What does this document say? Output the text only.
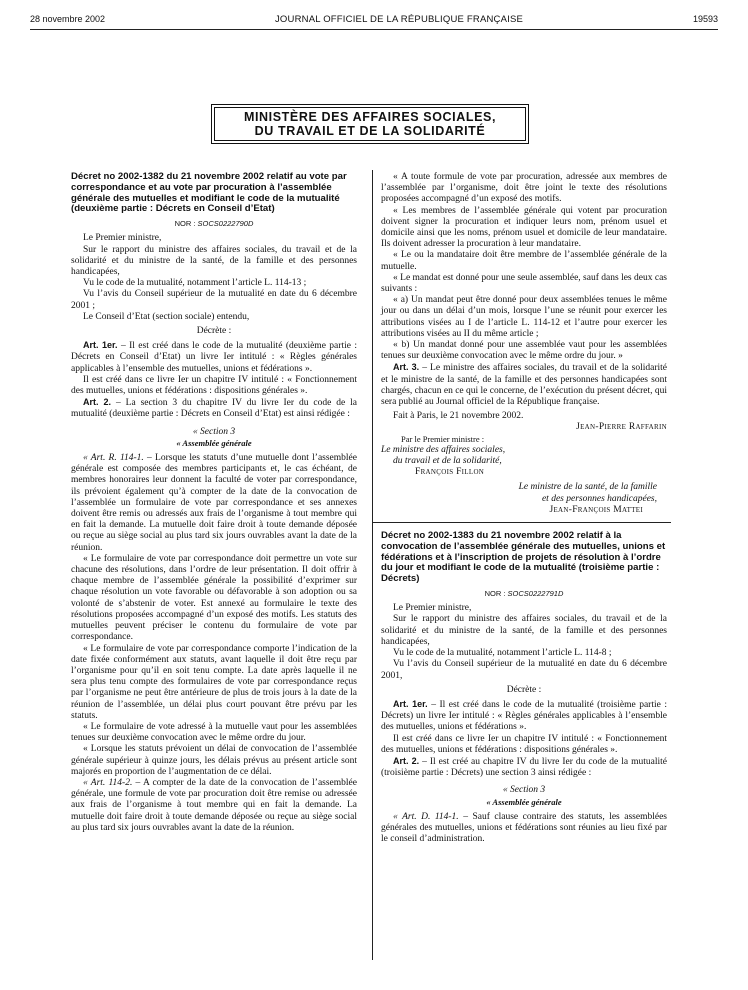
28 novembre 2002	JOURNAL OFFICIEL DE LA RÉPUBLIQUE FRANÇAISE	19593
MINISTÈRE DES AFFAIRES SOCIALES,
DU TRAVAIL ET DE LA SOLIDARITÉ
Décret no 2002-1382 du 21 novembre 2002 relatif au vote par correspondance et au vote par procuration à l’assemblée générale des mutuelles et modifiant le code de la mutualité (deuxième partie : Décrets en Conseil d’Etat)
NOR : SOCS0222790D

Le Premier ministre,

Sur le rapport du ministre des affaires sociales, du travail et de la solidarité et du ministre de la santé, de la famille et des personnes handicapées,

Vu le code de la mutualité, notamment l’article L. 114-13 ;

Vu l’avis du Conseil supérieur de la mutualité en date du 6 décembre 2001 ;

Le Conseil d’Etat (section sociale) entendu,

Décrète :

Art. 1er. – Il est créé dans le code de la mutualité (deuxième partie : Décrets en Conseil d’Etat) un livre Ier intitulé : « Règles générales applicables à l’ensemble des mutuelles, unions et fédérations ».

Il est créé dans ce livre Ier un chapitre IV intitulé : « Fonctionnement des mutuelles, unions et fédérations : dispositions générales ».

Art. 2. – La section 3 du chapitre IV du livre Ier du code de la mutualité (deuxième partie : Décrets en Conseil d’Etat) est ainsi rédigée :

« Section 3

« Assemblée générale

« Art. R. 114-1. – Lorsque les statuts d’une mutuelle dont l’assemblée générale est composée des membres participants et, le cas échéant, de membres honoraires leur donnent la faculté de voter par correspondance, ils prévoient également qu’à compter de la date de la convocation de l’assemblée un formulaire de vote par correspondance et ses annexes doivent être remis ou adressés aux frais de l’organisme à tout membre qui en fait la demande. La mutuelle doit faire droit à toute demande déposée ou reçue au siège social au plus tard six jours ouvrables avant la date de la réunion.

« Le formulaire de vote par correspondance doit permettre un vote sur chacune des résolutions, dans l’ordre de leur présentation. Il doit offrir à chaque membre de l’assemblée générale la possibilité d’exprimer sur chaque résolution un vote favorable ou défavorable à son adoption ou sa volonté de s’abstenir de voter. Est annexé au formulaire le texte des résolutions proposées accompagné d’un exposé des motifs. Les statuts des mutuelles peuvent préciser le contenu du formulaire de vote par correspondance.

« Le formulaire de vote par correspondance comporte l’indication de la date fixée conformément aux statuts, avant laquelle il doit être reçu par l’organisme pour qu’il en soit tenu compte. La date après laquelle il ne sera plus tenu compte des formulaires de vote par correspondance reçus par l’organisme ne peut être antérieure de plus de trois jours à la date de la réunion de l’assemblée, un délai plus court pouvant être prévu par les statuts.

« Le formulaire de vote adressé à la mutuelle vaut pour les assemblées tenues sur deuxième convocation avec le même ordre du jour.

« Lorsque les statuts prévoient un délai de convocation de l’assemblée générale supérieur à quinze jours, les délais prévus au présent article sont majorés en proportion de l’augmentation de ce délai.

« Art. 114-2. – A compter de la date de la convocation de l’assemblée générale, une formule de vote par procuration doit être remise ou adressée aux frais de l’organisme à tout membre qui en fait la demande. La mutuelle doit faire droit à toute demande déposée ou reçue au siège social au plus tard six jours ouvrables avant la date de la réunion.

« A toute formule de vote par procuration, adressée aux membres de l’assemblée par l’organisme, doit être joint le texte des résolutions proposées accompagné d’un exposé des motifs.

« Les membres de l’assemblée générale qui votent par procuration doivent signer la procuration et indiquer leurs nom, prénom usuel et domicile ainsi que les noms, prénom usuel et domicile de leur mandataire. Ils doivent adresser la procuration à leur mandataire.

« Le ou la mandataire doit être membre de l’assemblée générale de la mutuelle.

« Le mandat est donné pour une seule assemblée, sauf dans les deux cas suivants :

« a) Un mandat peut être donné pour deux assemblées tenues le même jour ou dans un délai d’un mois, lorsque l’une se réunit pour exercer les attributions visées au I de l’article L. 114-12 et l’autre pour exercer les attributions visées au II du même article ;

« b) Un mandat donné pour une assemblée vaut pour les assemblées tenues sur deuxième convocation avec le même ordre du jour. »

Art. 3. – Le ministre des affaires sociales, du travail et de la solidarité et le ministre de la santé, de la famille et des personnes handicapées sont chargés, chacun en ce qui le concerne, de l’exécution du présent décret, qui sera publié au Journal officiel de la République française.

Fait à Paris, le 21 novembre 2002.

Jean-Pierre Raffarin

Par le Premier ministre :

Le ministre des affaires sociales,

du travail et de la solidarité,

François Fillon

Le ministre de la santé, de la famille

et des personnes handicapées,

Jean-François Mattei

Décret no 2002-1383 du 21 novembre 2002 relatif à la convocation de l’assemblée générale des mutuelles, unions et fédérations et à l’inscription de projets de résolution à l’ordre du jour et modifiant le code de la mutualité (troisième partie : Décrets)
NOR : SOCS0222791D

Le Premier ministre,

Sur le rapport du ministre des affaires sociales, du travail et de la solidarité et du ministre de la santé, de la famille et des personnes handicapées,

Vu le code de la mutualité, notamment l’article L. 114-8 ;

Vu l’avis du Conseil supérieur de la mutualité en date du 6 décembre 2001,

Décrète :

Art. 1er. – Il est créé dans le code de la mutualité (troisième partie : Décrets) un livre Ier intitulé : « Règles générales applicables à l’ensemble des mutuelles, unions et fédérations ».

Il est créé dans ce livre Ier un chapitre IV intitulé : « Fonctionnement des mutuelles, unions et fédérations : dispositions générales ».

Art. 2. – Il est créé au chapitre IV du livre Ier du code de la mutualité (troisième partie : Décrets) une section 3 ainsi rédigée :

« Section 3

« Assemblée générale

« Art. D. 114-1. – Sauf clause contraire des statuts, les assemblées générales des mutuelles, unions et fédérations sont réunies au lieu fixé par le conseil d’administration.
